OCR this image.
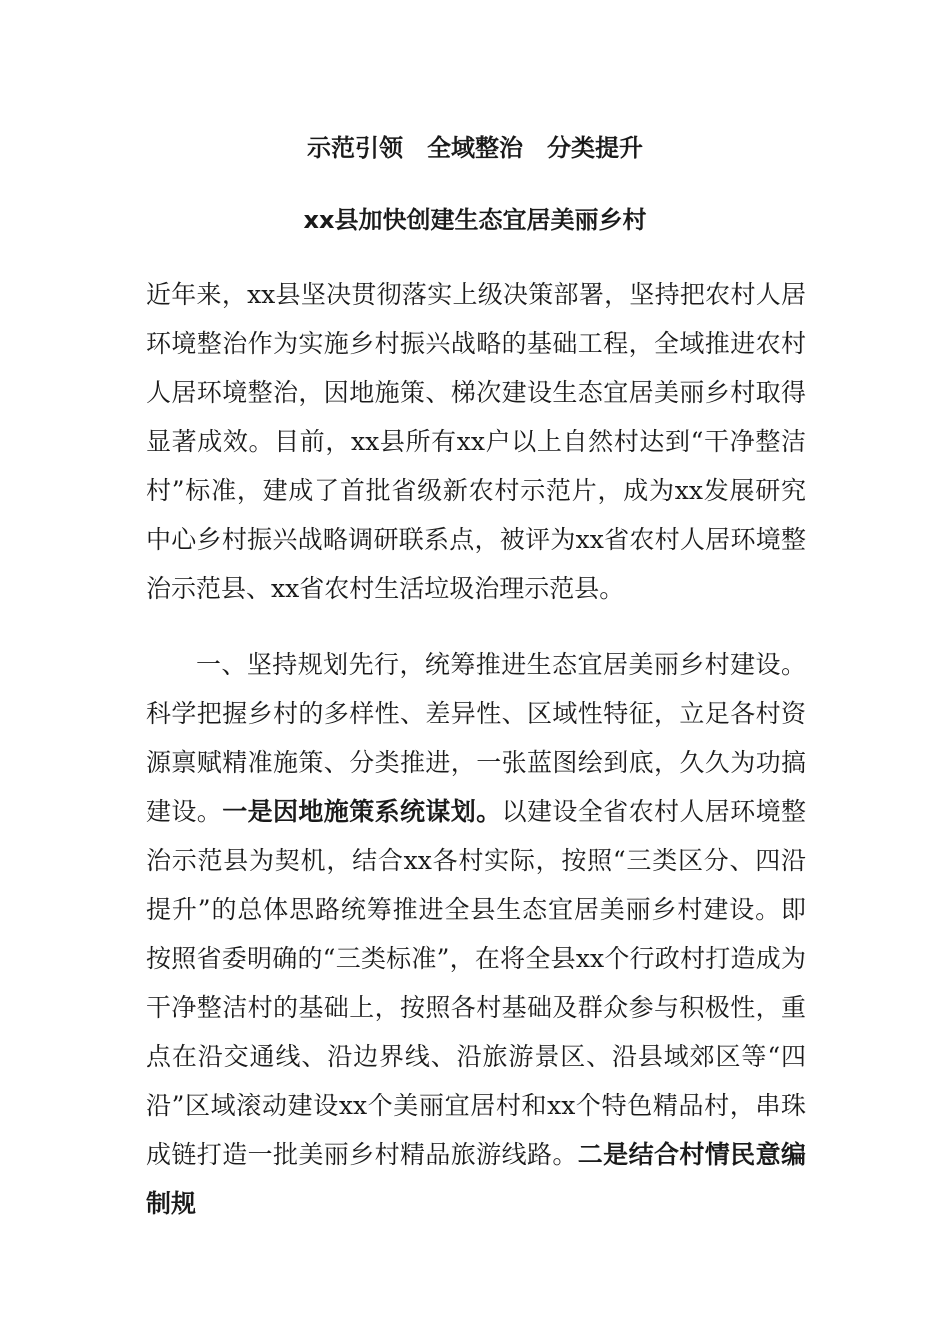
示范引领　全域整治　分类提升
xx县加快创建生态宜居美丽乡村

近年来，xx县坚决贯彻落实上级决策部署，坚持把农村人居环境整治作为实施乡村振兴战略的基础工程，全域推进农村人居环境整治，因地施策、梯次建设生态宜居美丽乡村取得显著成效。目前，xx县所有xx户以上自然村达到“干净整洁村”标准，建成了首批省级新农村示范片，成为xx发展研究中心乡村振兴战略调研联系点，被评为xx省农村人居环境整治示范县、xx省农村生活垃圾治理示范县。

一、坚持规划先行，统筹推进生态宜居美丽乡村建设。科学把握乡村的多样性、差异性、区域性特征，立足各村资源禀赋精准施策、分类推进，一张蓝图绘到底，久久为功搞建设。一是因地施策系统谋划。以建设全省农村人居环境整治示范县为契机，结合xx各村实际，按照“三类区分、四沿提升”的总体思路统筹推进全县生态宜居美丽乡村建设。即按照省委明确的“三类标准”，在将全县xx个行政村打造成为干净整洁村的基础上，按照各村基础及群众参与积极性，重点在沿交通线、沿边界线、沿旅游景区、沿县域郊区等“四沿”区域滚动建设xx个美丽宜居村和xx个特色精品村，串珠成链打造一批美丽乡村精品旅游线路。二是结合村情民意编制规
